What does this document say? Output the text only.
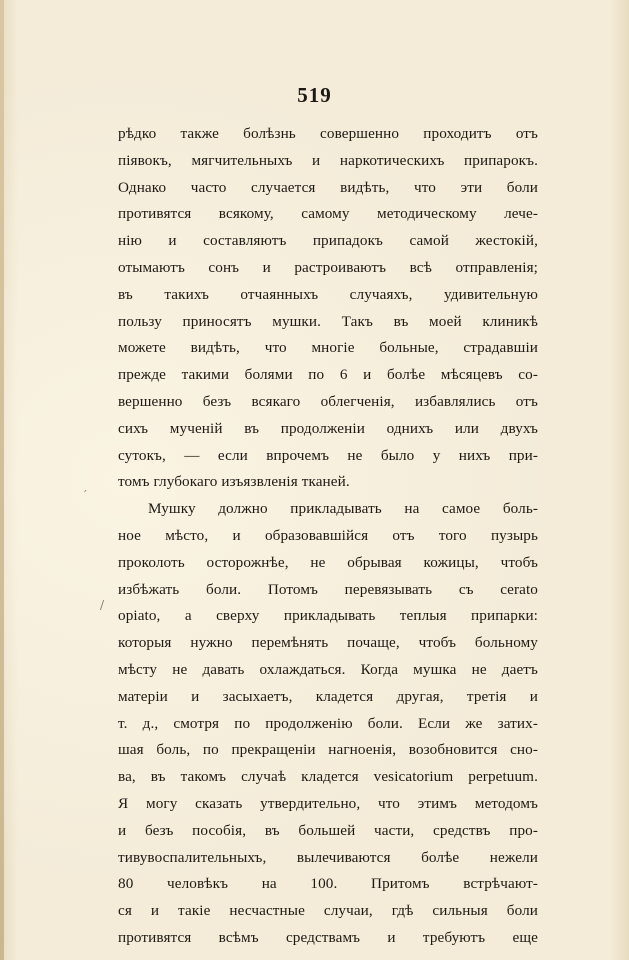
519
рѣдко также болѣзнь совершенно проходитъ отъ
пiявокъ, мягчительныхъ и наркотическихъ припарокъ.
Однако часто случается видѣть, что эти боли
противятся всякому, самому методическому лече-
нiю и составляютъ припадокъ самой жестокiй,
отымаютъ сонъ и растроиваютъ всѣ отправленiя;
въ такихъ отчаянныхъ случаяхъ, удивительную
пользу приносятъ мушки. Такъ въ моей клиникѣ
можете видѣть, что многiе больные, страдавшiи
прежде такими болями по 6 и болѣе мѣсяцевъ со-
вершенно безъ всякаго облегченiя, избавлялись отъ
сихъ мученiй въ продолженiи однихъ или двухъ
сутокъ, — если впрочемъ не было у нихъ при-
томъ глубокаго изъязвленiя тканей.
Мушку должно прикладывать на самое боль-
ное мѣсто, и образовавшiйся отъ того пузырь
проколоть осторожнѣе, не обрывая кожицы, чтобъ
избѣжать боли. Потомъ перевязывать съ cerato
opiato, а сверху прикладывать теплыя припарки:
которыя нужно перемѣнять почаще, чтобъ больному
мѣсту не давать охлаждаться. Когда мушка не даетъ
матерiи и засыхаетъ, кладется другая, третiя и
т. д., смотря по продолженiю боли. Если же затих-
шая боль, по прекращенiи нагноенiя, возобновится сно-
ва, въ такомъ случаѣ кладется vesicatorium perpetuum.
Я могу сказать утвердительно, что этимъ методомъ
и безъ пособiя, въ большей части, средствъ про-
тивувоспалительныхъ, вылечиваются болѣе нежели
80 человѣкъ на 100. Притомъ встрѣчают-
ся и такiе несчастные случаи, гдѣ сильныя боли
противятся всѣмъ средствамъ и требуютъ еще
′
/
